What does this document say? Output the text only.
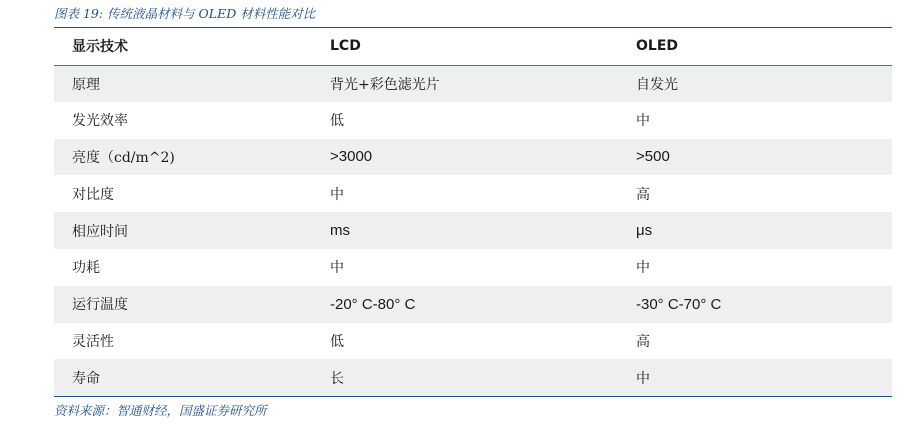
图表 19: 传统液晶材料与 OLED 材料性能对比
显示技术	LCD	OLED
原理	背光+彩色滤光片	自发光
发光效率	低	中
亮度（cd/m^2)	>3000	>500
对比度	中	高
相应时间	ms	μs
功耗	中	中
运行温度	-20° C-80° C	-30° C-70° C
灵活性	低	高
寿命	长	中
资料来源：智通财经，国盛证券研究所
